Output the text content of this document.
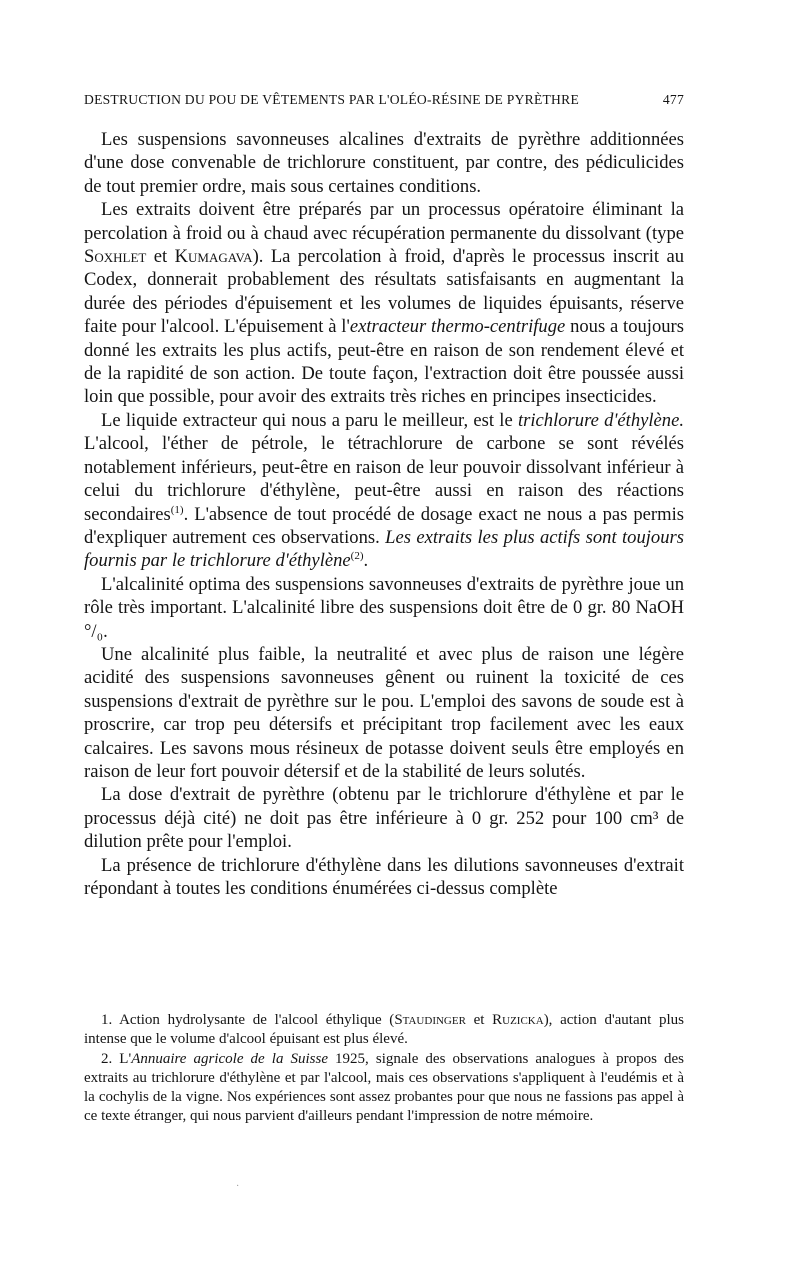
DESTRUCTION DU POU DE VÊTEMENTS PAR L'OLÉO-RÉSINE DE PYRÈTHRE	477

Les suspensions savonneuses alcalines d'extraits de pyrèthre additionnées d'une dose convenable de trichlorure constituent, par contre, des pédiculicides de tout premier ordre, mais sous certaines conditions.

Les extraits doivent être préparés par un processus opératoire éliminant la percolation à froid ou à chaud avec récupération permanente du dissolvant (type Soxhlet et Kumagava). La percolation à froid, d'après le processus inscrit au Codex, donnerait probablement des résultats satisfaisants en augmentant la durée des périodes d'épuisement et les volumes de liquides épuisants, réserve faite pour l'alcool. L'épuisement à l'extracteur thermo-centrifuge nous a toujours donné les extraits les plus actifs, peut-être en raison de son rendement élevé et de la rapidité de son action. De toute façon, l'extraction doit être poussée aussi loin que possible, pour avoir des extraits très riches en principes insecticides.

Le liquide extracteur qui nous a paru le meilleur, est le trichlorure d'éthylène. L'alcool, l'éther de pétrole, le tétrachlorure de carbone se sont révélés notablement inférieurs, peut-être en raison de leur pouvoir dissolvant inférieur à celui du trichlorure d'éthylène, peut-être aussi en raison des réactions secondaires$^{(1)}$. L'absence de tout procédé de dosage exact ne nous a pas permis d'expliquer autrement ces observations. Les extraits les plus actifs sont toujours fournis par le trichlorure d'éthylène$^{(2)}$.

L'alcalinité optima des suspensions savonneuses d'extraits de pyrèthre joue un rôle très important. L'alcalinité libre des suspensions doit être de 0 gr. 80 NaOH °/₀.

Une alcalinité plus faible, la neutralité et avec plus de raison une légère acidité des suspensions savonneuses gênent ou ruinent la toxicité de ces suspensions d'extrait de pyrèthre sur le pou. L'emploi des savons de soude est à proscrire, car trop peu détersifs et précipitant trop facilement avec les eaux calcaires. Les savons mous résineux de potasse doivent seuls être employés en raison de leur fort pouvoir détersif et de la stabilité de leurs solutés.

La dose d'extrait de pyrèthre (obtenu par le trichlorure d'éthylène et par le processus déjà cité) ne doit pas être inférieure à 0 gr. 252 pour 100 cm³ de dilution prête pour l'emploi.

La présence de trichlorure d'éthylène dans les dilutions savonneuses d'extrait répondant à toutes les conditions énumérées ci-dessus complète

1. Action hydrolysante de l'alcool éthylique (Staudinger et Ruzicka), action d'autant plus intense que le volume d'alcool épuisant est plus élevé.

2. L'Annuaire agricole de la Suisse 1925, signale des observations analogues à propos des extraits au trichlorure d'éthylène et par l'alcool, mais ces observations s'appliquent à l'eudémis et à la cochylis de la vigne. Nos expériences sont assez probantes pour que nous ne fassions pas appel à ce texte étranger, qui nous parvient d'ailleurs pendant l'impression de notre mémoire.

·
